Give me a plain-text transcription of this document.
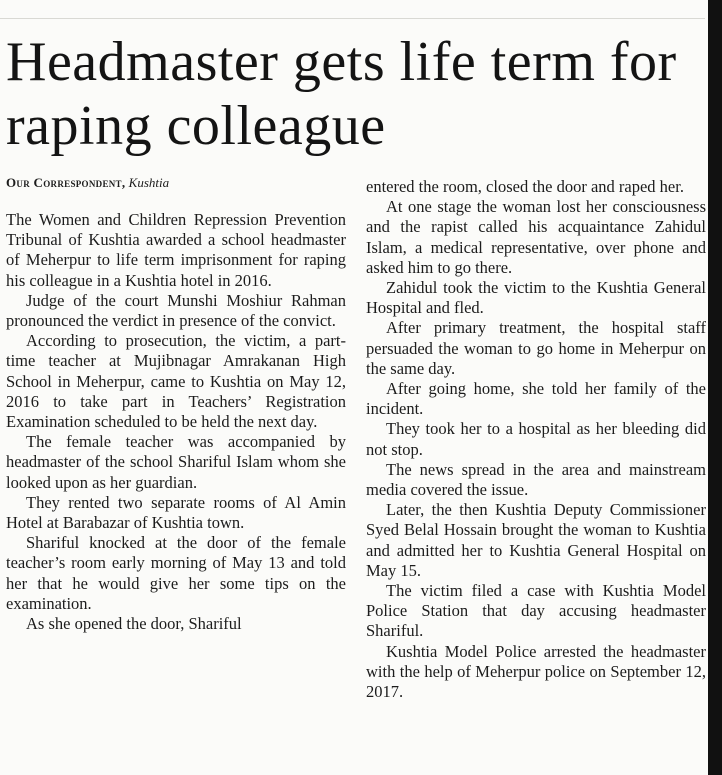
Headmaster gets life term for raping colleague
Our Correspondent, Kushtia

The Women and Children Repression Prevention Tribunal of Kushtia awarded a school headmaster of Meherpur to life term imprisonment for raping his colleague in a Kushtia hotel in 2016.

Judge of the court Munshi Moshiur Rahman pronounced the verdict in presence of the convict.

According to prosecution, the victim, a part-time teacher at Mujibnagar Amrakanan High School in Meherpur, came to Kushtia on May 12, 2016 to take part in Teachers’ Registration Examination scheduled to be held the next day.

The female teacher was accompanied by headmaster of the school Shariful Islam whom she looked upon as her guardian.

They rented two separate rooms of Al Amin Hotel at Barabazar of Kushtia town.

Shariful knocked at the door of the female teacher’s room early morning of May 13 and told her that he would give her some tips on the examination.

As she opened the door, Shariful

entered the room, closed the door and raped her.

At one stage the woman lost her consciousness and the rapist called his acquaintance Zahidul Islam, a medical representative, over phone and asked him to go there.

Zahidul took the victim to the Kushtia General Hospital and fled.

After primary treatment, the hospital staff persuaded the woman to go home in Meherpur on the same day.

After going home, she told her family of the incident.

They took her to a hospital as her bleeding did not stop.

The news spread in the area and mainstream media covered the issue.

Later, the then Kushtia Deputy Commissioner Syed Belal Hossain brought the woman to Kushtia and admitted her to Kushtia General Hospital on May 15.

The victim filed a case with Kushtia Model Police Station that day accusing headmaster Shariful.

Kushtia Model Police arrested the headmaster with the help of Meherpur police on September 12, 2017.
